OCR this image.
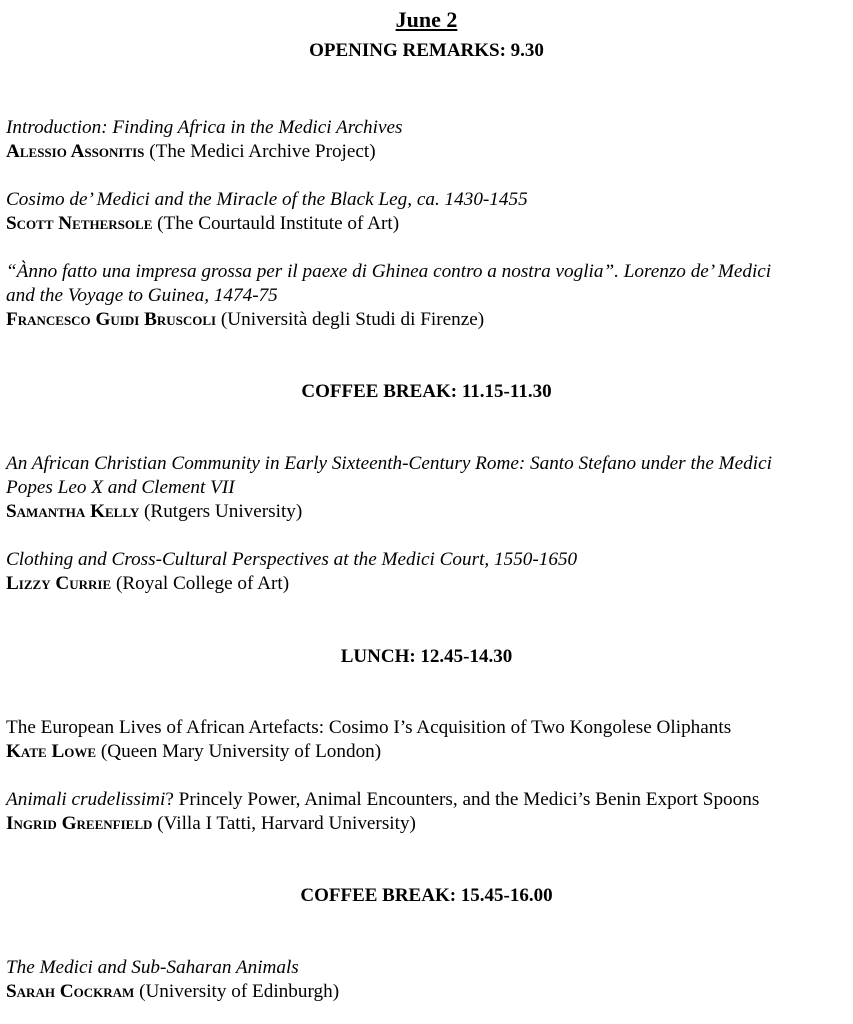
June 2
OPENING REMARKS: 9.30
Introduction: Finding Africa in the Medici Archives
Alessio Assonitis (The Medici Archive Project)
Cosimo de’ Medici and the Miracle of the Black Leg, ca. 1430-1455
Scott Nethersole (The Courtauld Institute of Art)
“Ànno fatto una impresa grossa per il paexe di Ghinea contro a nostra voglia”. Lorenzo de’ Medici
and the Voyage to Guinea, 1474-75
Francesco Guidi Bruscoli (Università degli Studi di Firenze)
COFFEE BREAK: 11.15-11.30
An African Christian Community in Early Sixteenth-Century Rome: Santo Stefano under the Medici
Popes Leo X and Clement VII
Samantha Kelly (Rutgers University)
Clothing and Cross-Cultural Perspectives at the Medici Court, 1550-1650
Lizzy Currie (Royal College of Art)
LUNCH: 12.45-14.30
The European Lives of African Artefacts: Cosimo I’s Acquisition of Two Kongolese Oliphants
Kate Lowe (Queen Mary University of London)
Animali crudelissimi? Princely Power, Animal Encounters, and the Medici’s Benin Export Spoons
Ingrid Greenfield (Villa I Tatti, Harvard University)
COFFEE BREAK: 15.45-16.00
The Medici and Sub-Saharan Animals
Sarah Cockram (University of Edinburgh)
